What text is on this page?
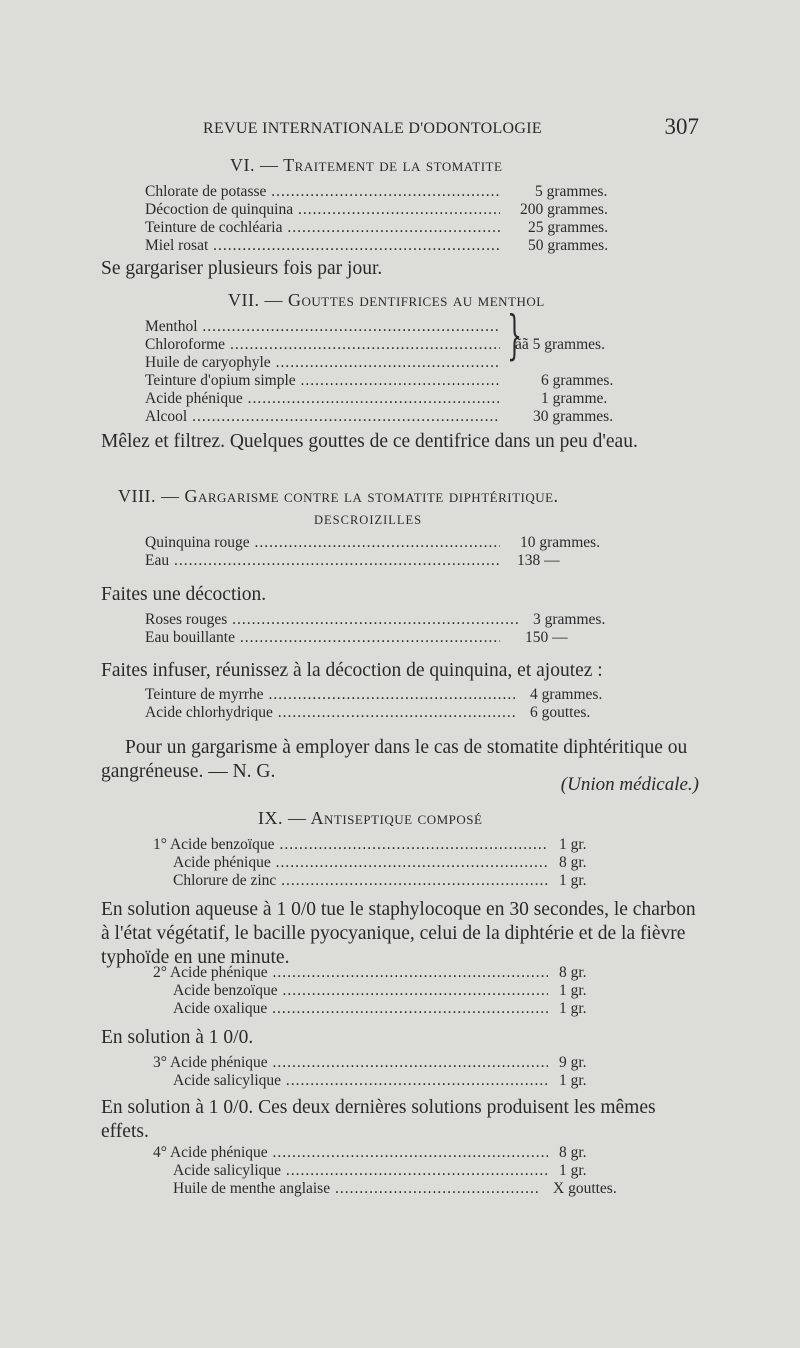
REVUE INTERNATIONALE D'ODONTOLOGIE	307
VI. — Traitement de la stomatite
Chlorate de potasse .....	5 grammes.
Décoction de quinquina .....	200 grammes.
Teinture de cochléaria .....	25 grammes.
Miel rosat .....	50 grammes.
Se gargariser plusieurs fois par jour.
VII. — Gouttes dentifrices au menthol
Menthol .....
Chloroforme .....	ãã 5 grammes.
Huile de caryophyle .....
Teinture d'opium simple .....	6 grammes.
Acide phénique .....	1 gramme.
Alcool .....	30 grammes.
}
Mêlez et filtrez. Quelques gouttes de ce dentifrice dans un peu d'eau.
VIII. — Gargarisme contre la stomatite diphtéritique.
DESCROIZILLES
Quinquina rouge .....	10 grammes.
Eau .....	138 —
Faites une décoction.
Roses rouges .....	3 grammes.
Eau bouillante .....	150 —
Faites infuser, réunissez à la décoction de quinquina, et ajoutez :
Teinture de myrrhe .....	4 grammes.
Acide chlorhydrique .....	6 gouttes.
Pour un gargarisme à employer dans le cas de stomatite diphtéritique ou gangréneuse. — N. G.
(Union médicale.)
IX. — Antiseptique composé
1° Acide benzoïque .....	1 gr.
Acide phénique .....	8 gr.
Chlorure de zinc .....	1 gr.
En solution aqueuse à 1 0/0 tue le staphylocoque en 30 secondes, le charbon à l'état végétatif, le bacille pyocyanique, celui de la diphtérie et de la fièvre typhoïde en une minute.
2° Acide phénique .....	8 gr.
Acide benzoïque .....	1 gr.
Acide oxalique .....	1 gr.
En solution à 1 0/0.
3° Acide phénique .....	9 gr.
Acide salicylique .....	1 gr.
En solution à 1 0/0. Ces deux dernières solutions produisent les mêmes effets.
4° Acide phénique .....	8 gr.
Acide salicylique .....	1 gr.
Huile de menthe anglaise .....	X gouttes.
